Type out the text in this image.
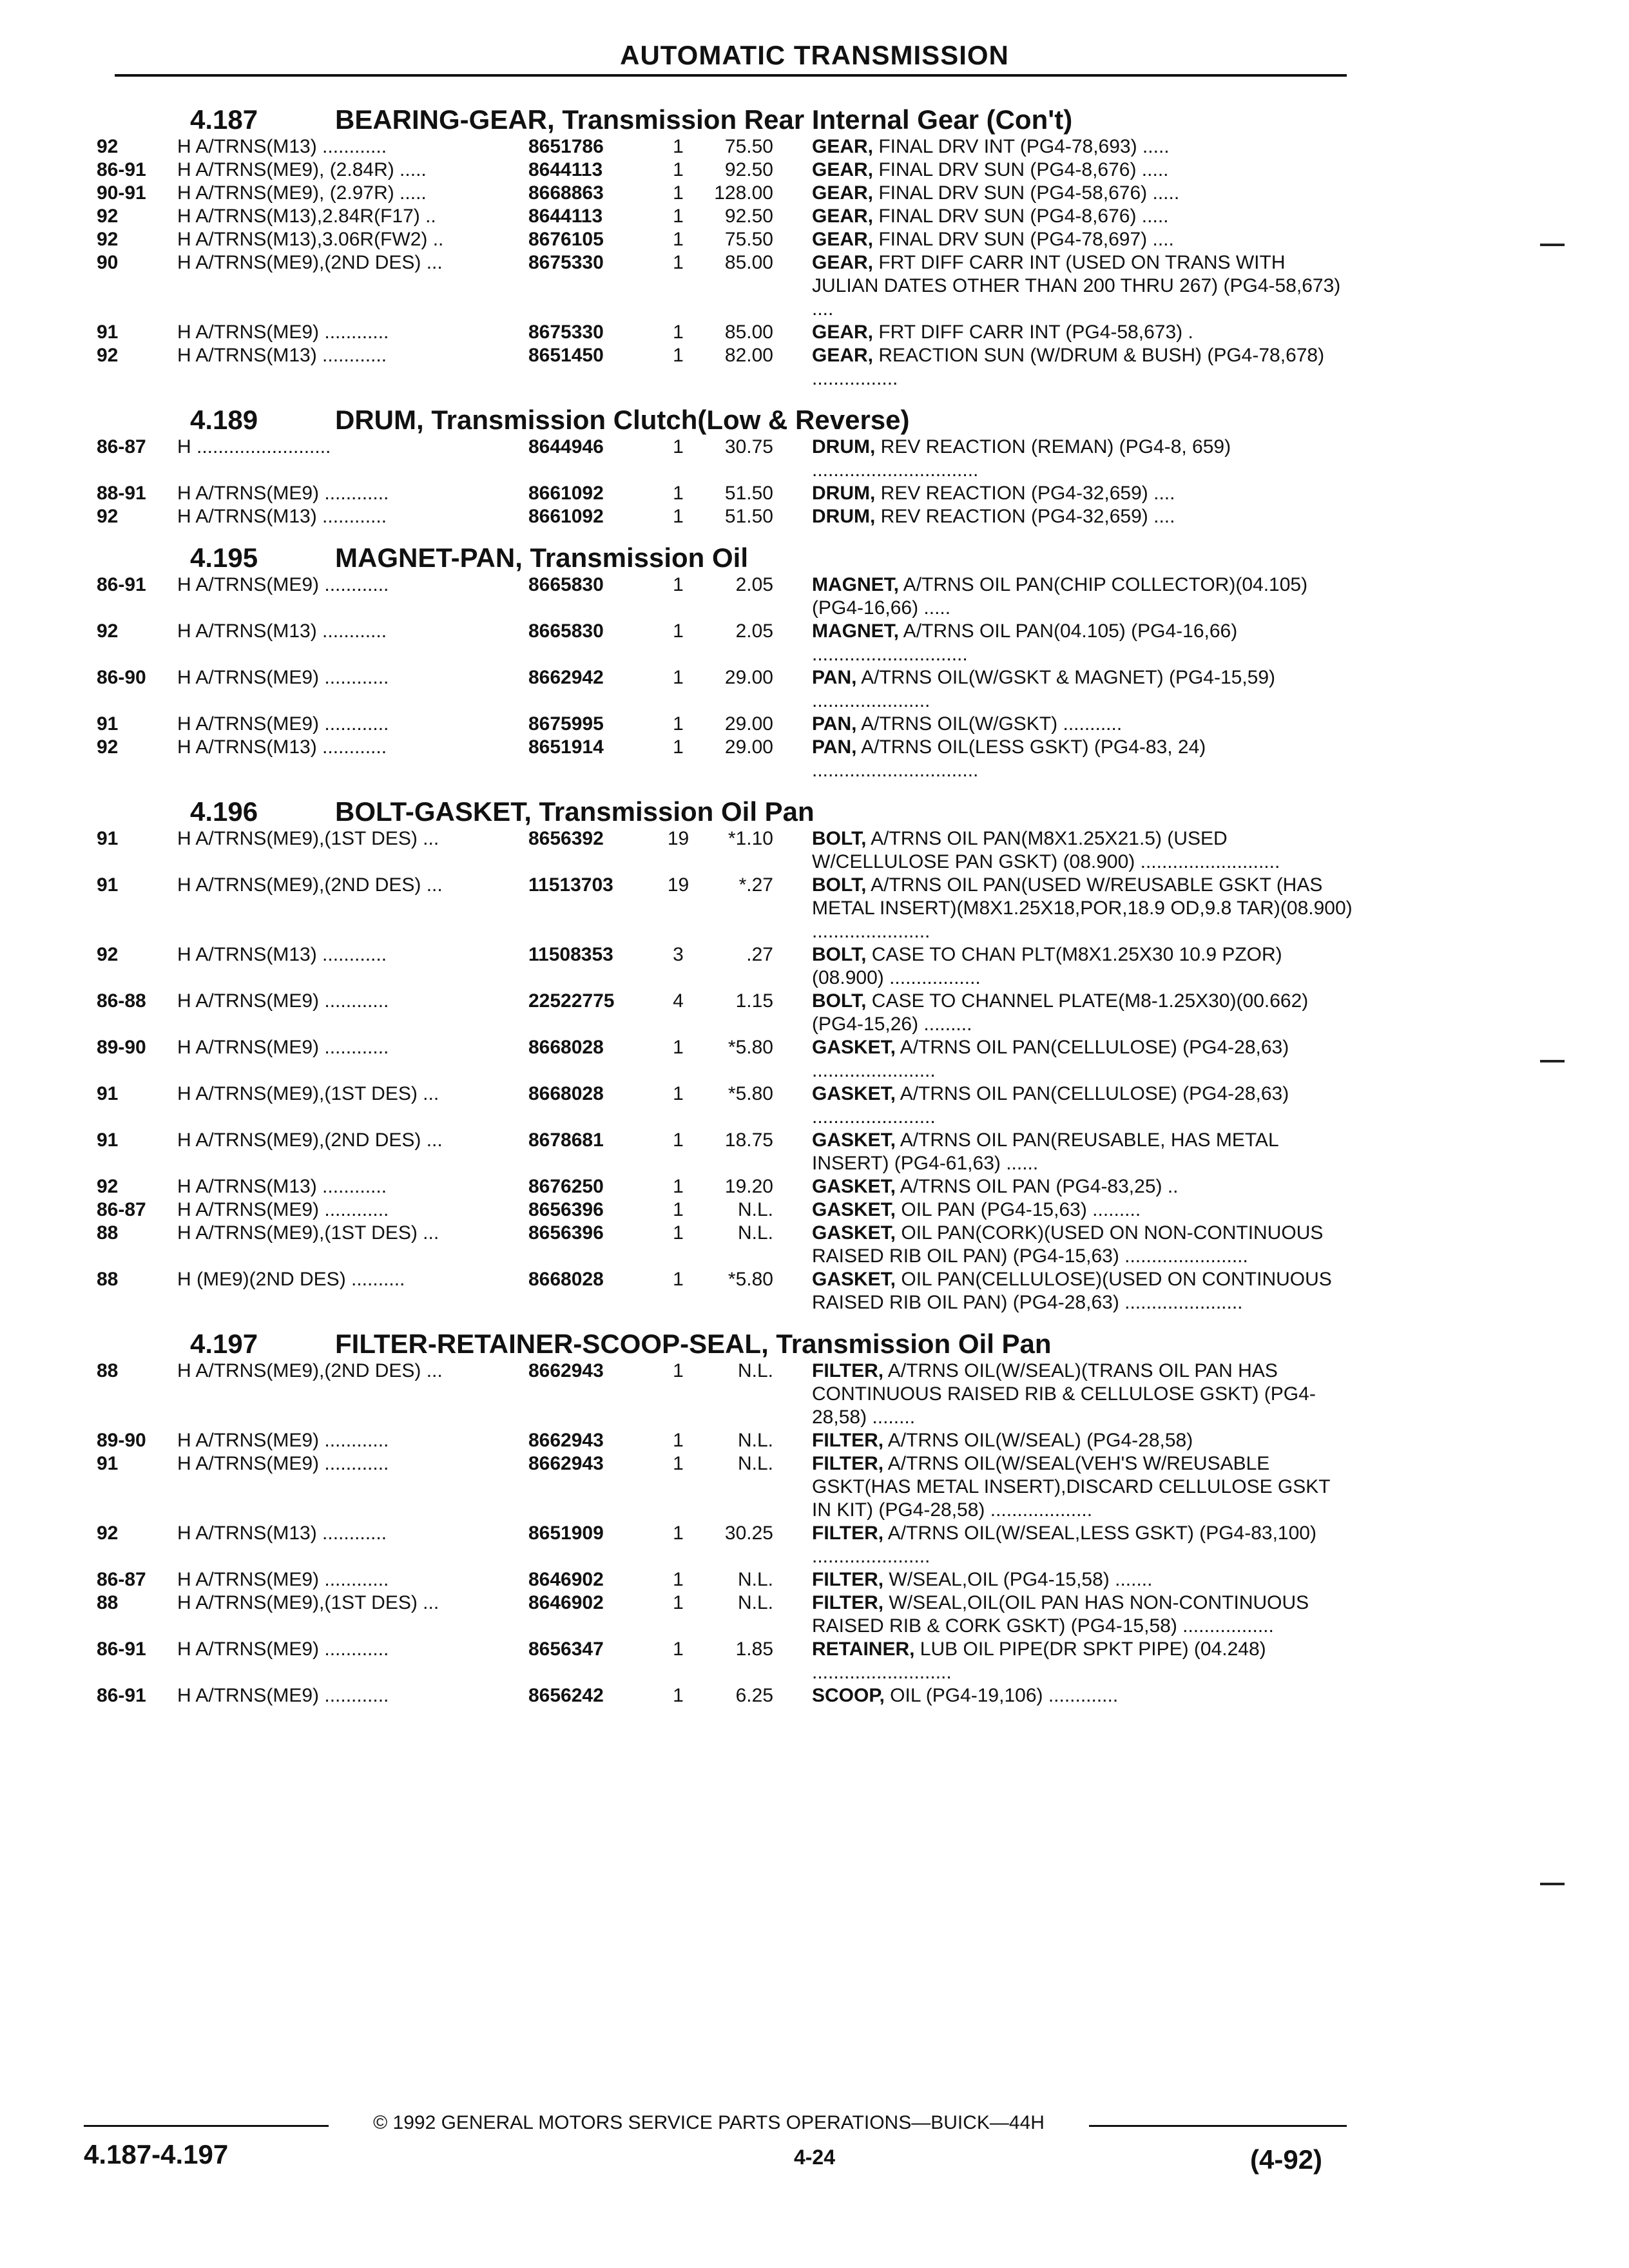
AUTOMATIC TRANSMISSION
4.187	BEARING-GEAR, Transmission Rear Internal Gear (Con't)
92	H A/TRNS(M13) ............	8651786	1	75.50	GEAR, FINAL DRV INT (PG4-78,693) .....
86-91	H A/TRNS(ME9), (2.84R) .....	8644113	1	92.50	GEAR, FINAL DRV SUN (PG4-8,676) .....
90-91	H A/TRNS(ME9), (2.97R) .....	8668863	1	128.00	GEAR, FINAL DRV SUN (PG4-58,676) .....
92	H A/TRNS(M13),2.84R(F17) ..	8644113	1	92.50	GEAR, FINAL DRV SUN (PG4-8,676) .....
92	H A/TRNS(M13),3.06R(FW2) ..	8676105	1	75.50	GEAR, FINAL DRV SUN (PG4-78,697) ....
90	H A/TRNS(ME9),(2ND DES) ...	8675330	1	85.00	GEAR, FRT DIFF CARR INT (USED ON TRANS WITH JULIAN DATES OTHER THAN 200 THRU 267) (PG4-58,673) ....
91	H A/TRNS(ME9) ............	8675330	1	85.00	GEAR, FRT DIFF CARR INT (PG4-58,673) .
92	H A/TRNS(M13) ............	8651450	1	82.00	GEAR, REACTION SUN (W/DRUM & BUSH) (PG4-78,678) ................
4.189	DRUM, Transmission Clutch(Low & Reverse)
86-87	H .........................	8644946	1	30.75	DRUM, REV REACTION (REMAN) (PG4-8, 659) ...............................
88-91	H A/TRNS(ME9) ............	8661092	1	51.50	DRUM, REV REACTION (PG4-32,659) ....
92	H A/TRNS(M13) ............	8661092	1	51.50	DRUM, REV REACTION (PG4-32,659) ....
4.195	MAGNET-PAN, Transmission Oil
86-91	H A/TRNS(ME9) ............	8665830	1	2.05	MAGNET, A/TRNS OIL PAN(CHIP COLLECTOR)(04.105) (PG4-16,66) .....
92	H A/TRNS(M13) ............	8665830	1	2.05	MAGNET, A/TRNS OIL PAN(04.105) (PG4-16,66) .............................
86-90	H A/TRNS(ME9) ............	8662942	1	29.00	PAN, A/TRNS OIL(W/GSKT & MAGNET) (PG4-15,59) ......................
91	H A/TRNS(ME9) ............	8675995	1	29.00	PAN, A/TRNS OIL(W/GSKT) ...........
92	H A/TRNS(M13) ............	8651914	1	29.00	PAN, A/TRNS OIL(LESS GSKT) (PG4-83, 24) ...............................
4.196	BOLT-GASKET, Transmission Oil Pan
91	H A/TRNS(ME9),(1ST DES) ...	8656392	19	*1.10	BOLT, A/TRNS OIL PAN(M8X1.25X21.5) (USED W/CELLULOSE PAN GSKT) (08.900) ..........................
91	H A/TRNS(ME9),(2ND DES) ...	11513703	19	*.27	BOLT, A/TRNS OIL PAN(USED W/REUSABLE GSKT (HAS METAL INSERT)(M8X1.25X18,POR,18.9 OD,9.8 TAR)(08.900) ......................
92	H A/TRNS(M13) ............	11508353	3	.27	BOLT, CASE TO CHAN PLT(M8X1.25X30 10.9 PZOR)(08.900) .................
86-88	H A/TRNS(ME9) ............	22522775	4	1.15	BOLT, CASE TO CHANNEL PLATE(M8-1.25X30)(00.662) (PG4-15,26) .........
89-90	H A/TRNS(ME9) ............	8668028	1	*5.80	GASKET, A/TRNS OIL PAN(CELLULOSE) (PG4-28,63) .......................
91	H A/TRNS(ME9),(1ST DES) ...	8668028	1	*5.80	GASKET, A/TRNS OIL PAN(CELLULOSE) (PG4-28,63) .......................
91	H A/TRNS(ME9),(2ND DES) ...	8678681	1	18.75	GASKET, A/TRNS OIL PAN(REUSABLE, HAS METAL INSERT) (PG4-61,63) ......
92	H A/TRNS(M13) ............	8676250	1	19.20	GASKET, A/TRNS OIL PAN (PG4-83,25) ..
86-87	H A/TRNS(ME9) ............	8656396	1	N.L.	GASKET, OIL PAN (PG4-15,63) .........
88	H A/TRNS(ME9),(1ST DES) ...	8656396	1	N.L.	GASKET, OIL PAN(CORK)(USED ON NON-CONTINUOUS RAISED RIB OIL PAN) (PG4-15,63) .......................
88	H (ME9)(2ND DES) ..........	8668028	1	*5.80	GASKET, OIL PAN(CELLULOSE)(USED ON CONTINUOUS RAISED RIB OIL PAN) (PG4-28,63) ......................
4.197	FILTER-RETAINER-SCOOP-SEAL, Transmission Oil Pan
88	H A/TRNS(ME9),(2ND DES) ...	8662943	1	N.L.	FILTER, A/TRNS OIL(W/SEAL)(TRANS OIL PAN HAS CONTINUOUS RAISED RIB & CELLULOSE GSKT) (PG4-28,58) ........
89-90	H A/TRNS(ME9) ............	8662943	1	N.L.	FILTER, A/TRNS OIL(W/SEAL) (PG4-28,58)
91	H A/TRNS(ME9) ............	8662943	1	N.L.	FILTER, A/TRNS OIL(W/SEAL(VEH'S W/REUSABLE GSKT(HAS METAL INSERT),DISCARD CELLULOSE GSKT IN KIT) (PG4-28,58) ...................
92	H A/TRNS(M13) ............	8651909	1	30.25	FILTER, A/TRNS OIL(W/SEAL,LESS GSKT) (PG4-83,100) ......................
86-87	H A/TRNS(ME9) ............	8646902	1	N.L.	FILTER, W/SEAL,OIL (PG4-15,58) .......
88	H A/TRNS(ME9),(1ST DES) ...	8646902	1	N.L.	FILTER, W/SEAL,OIL(OIL PAN HAS NON-CONTINUOUS RAISED RIB & CORK GSKT) (PG4-15,58) .................
86-91	H A/TRNS(ME9) ............	8656347	1	1.85	RETAINER, LUB OIL PIPE(DR SPKT PIPE) (04.248) ..........................
86-91	H A/TRNS(ME9) ............	8656242	1	6.25	SCOOP, OIL (PG4-19,106) .............
© 1992 GENERAL MOTORS SERVICE PARTS OPERATIONS—BUICK—44H
4.187-4.197	4-24	(4-92)
